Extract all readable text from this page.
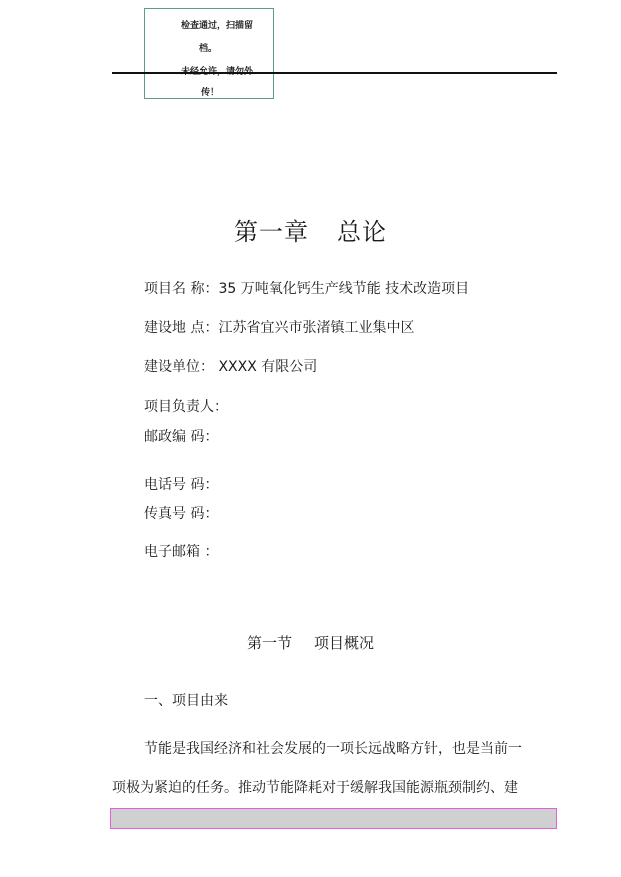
检查通过，扫描留
档。
传！
第一章 总论
项目名 称：35 万吨氧化钙生产线节能 技术改造项目
建设地 点：江苏省宜兴市张渚镇工业集中区
建设单位： XXXX 有限公司
项目负责人：
邮政编 码：
电话号 码：
传真号 码：
电子邮箱 ：
第一节 项目概况
一、项目由来
节能是我国经济和社会发展的一项长远战略方针，也是当前一
项极为紧迫的任务。推动节能降耗对于缓解我国能源瓶颈制约、建
